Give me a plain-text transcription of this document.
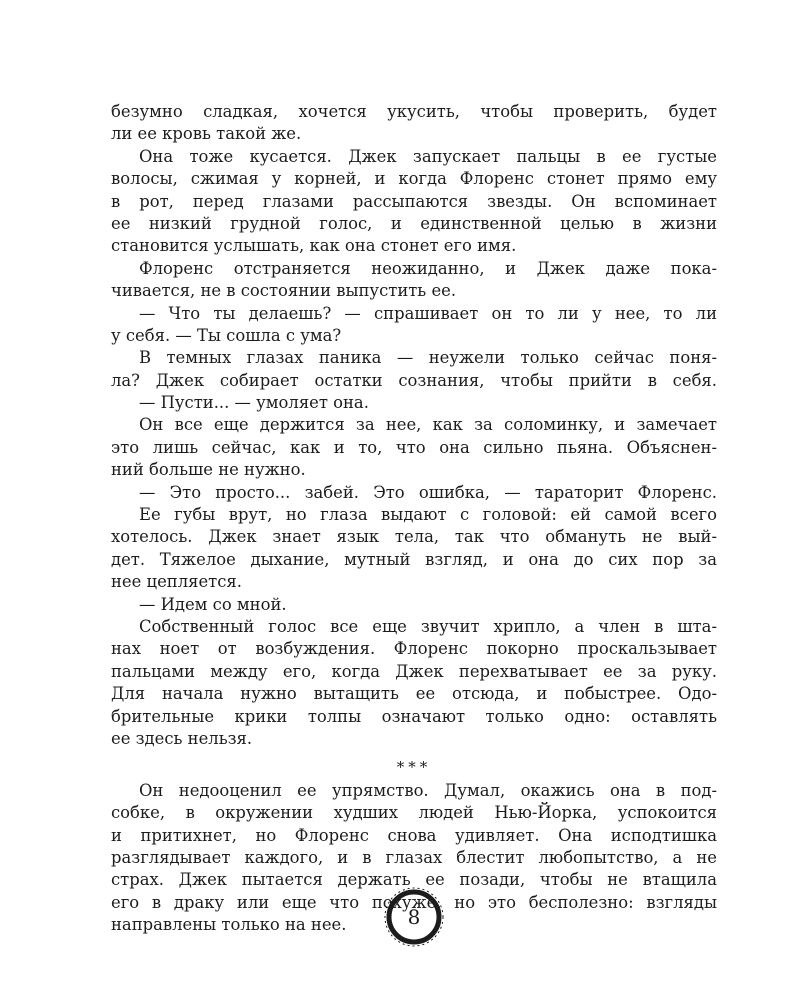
безумно сладкая, хочется укусить, чтобы проверить, будет
ли ее кровь такой же.
Она тоже кусается. Джек запускает пальцы в ее густые
волосы, сжимая у корней, и когда Флоренс стонет прямо ему
в рот, перед глазами рассыпаются звезды. Он вспоминает
ее низкий грудной голос, и единственной целью в жизни
становится услышать, как она стонет его имя.
Флоренс отстраняется неожиданно, и Джек даже пока-
чивается, не в состоянии выпустить ее.
— Что ты делаешь? — спрашивает он то ли у нее, то ли
у себя. — Ты сошла с ума?
В темных глазах паника — неужели только сейчас поня-
ла? Джек собирает остатки сознания, чтобы прийти в себя.
— Пусти... — умоляет она.
Он все еще держится за нее, как за соломинку, и замечает
это лишь сейчас, как и то, что она сильно пьяна. Объяснен-
ний больше не нужно.
— Это просто... забей. Это ошибка, — тараторит Флоренс.
Ее губы врут, но глаза выдают с головой: ей самой всего
хотелось. Джек знает язык тела, так что обмануть не вый-
дет. Тяжелое дыхание, мутный взгляд, и она до сих пор за
нее цепляется.
— Идем со мной.
Собственный голос все еще звучит хрипло, а член в шта-
нах ноет от возбуждения. Флоренс покорно проскальзывает
пальцами между его, когда Джек перехватывает ее за руку.
Для начала нужно вытащить ее отсюда, и побыстрее. Одо-
брительные крики толпы означают только одно: оставлять
ее здесь нельзя.
***
Он недооценил ее упрямство. Думал, окажись она в под-
собке, в окружении худших людей Нью-Йорка, успокоится
и притихнет, но Флоренс снова удивляет. Она исподтишка
разглядывает каждого, и в глазах блестит любопытство, а не
страх. Джек пытается держать ее позади, чтобы не втащила
его в драку или еще что похуже, но это бесполезно: взгляды
направлены только на нее.	8
